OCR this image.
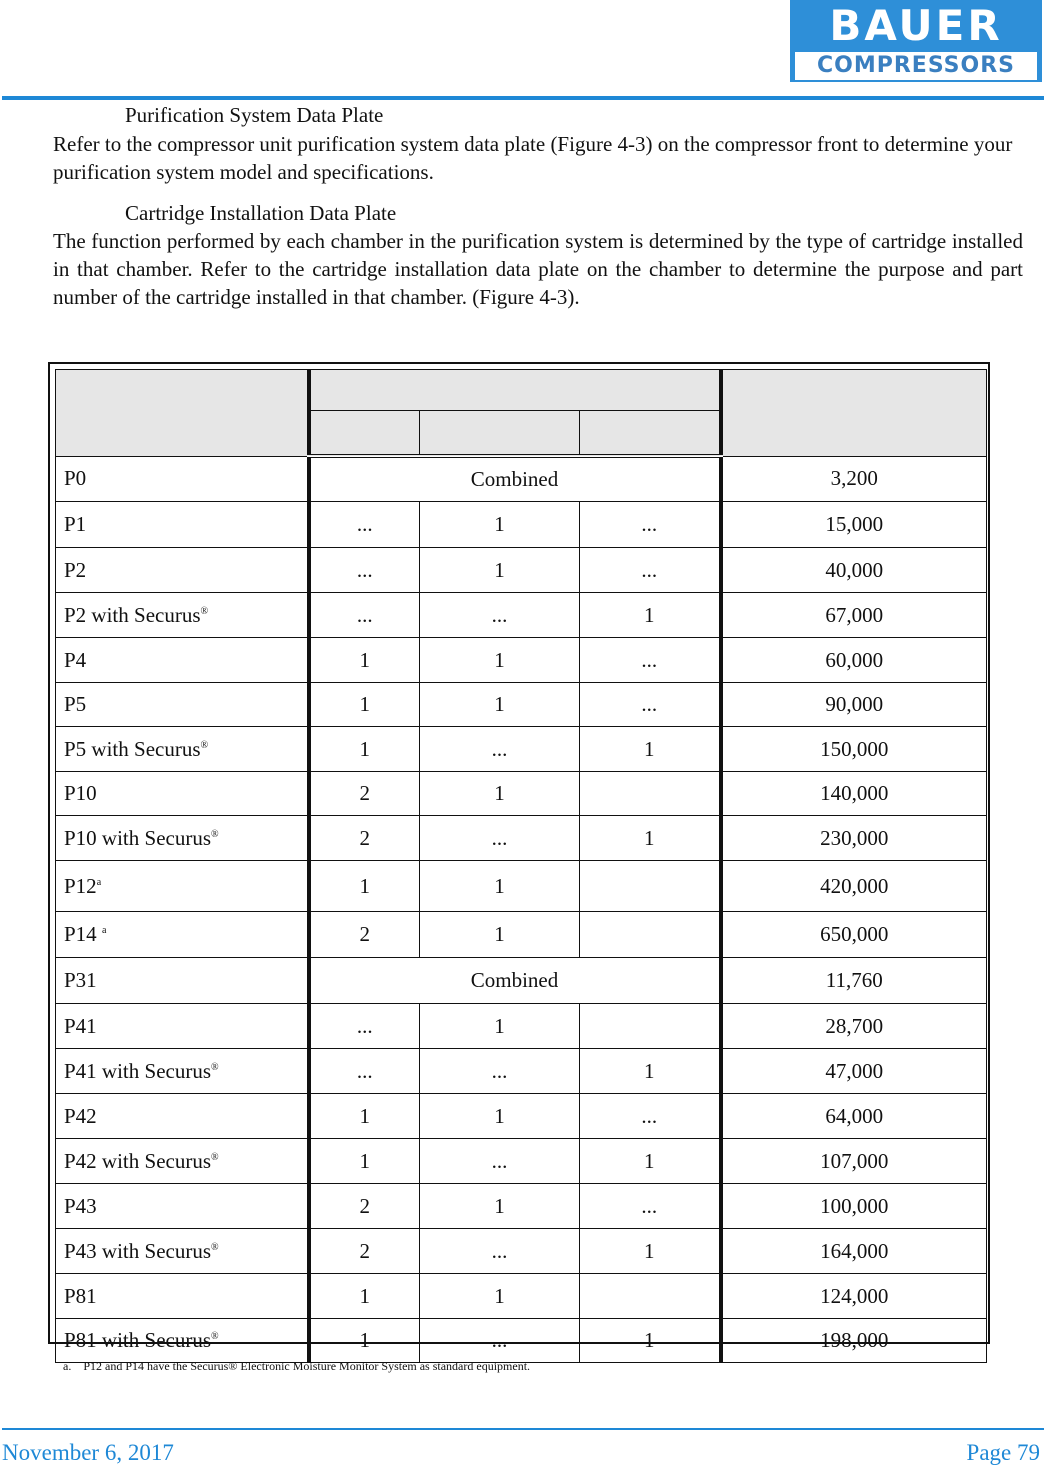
BAUER
COMPRESSORS
Purification System Data Plate
Refer to the compressor unit purification system data plate (Figure 4-3) on the compressor front to determine your purification system model and specifications.
Cartridge Installation Data Plate
The function performed by each chamber in the purification system is determined by the type of cartridge installed in that chamber. Refer to the cartridge installation data plate on the chamber to determine the purpose and part number of the cartridge installed in that chamber. (Figure 4-3).

P0	Combined			3,200
P1	...	1	...	15,000
P2	...	1	...	40,000
P2 with Securus®	...	...	1	67,000
P4	1	1	...	60,000
P5	1	1	...	90,000
P5 with Securus®	1	...	1	150,000
P10	2	1		140,000
P10 with Securus®	2	...	1	230,000
P12$^a$	1	1		420,000
P14 $^a$	2	1		650,000
P31	Combined			11,760
P41	...	1		28,700
P41 with Securus®	...	...	1	47,000
P42	1	1	...	64,000
P42 with Securus®	1	...	1	107,000
P43	2	1	...	100,000
P43 with Securus®	2	...	1	164,000
P81	1	1		124,000
P81 with Securus®	1	...	1	198,000
a. P12 and P14 have the Securus® Electronic Moisture Monitor System as standard equipment.
November 6, 2017	Page 79
